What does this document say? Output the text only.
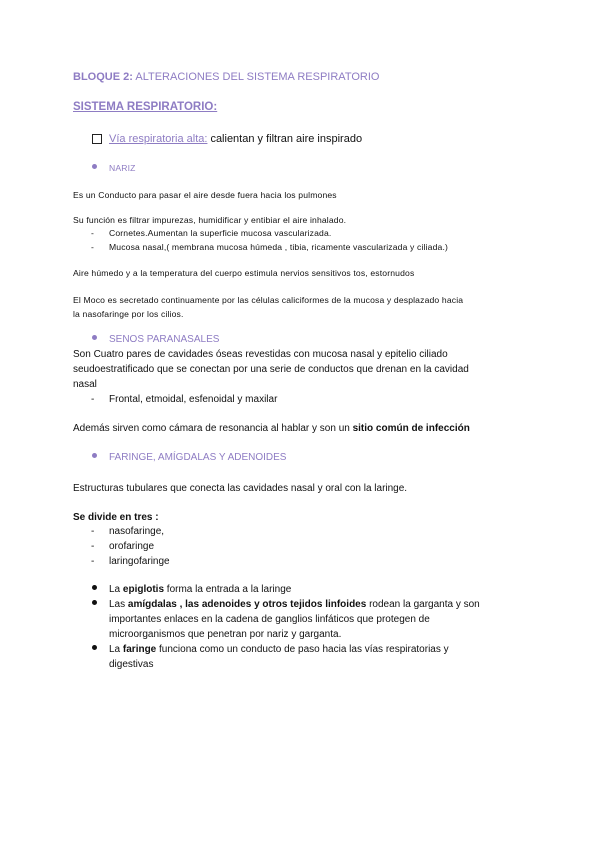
BLOQUE 2: ALTERACIONES DEL SISTEMA RESPIRATORIO
SISTEMA RESPIRATORIO:
Vía respiratoria alta: calientan y filtran aire inspirado
NARIZ
Es un Conducto para pasar el aire desde fuera hacia los pulmones
Su función es filtrar impurezas, humidificar y entibiar el aire inhalado.
- Cornetes.Aumentan la superficie mucosa vascularizada.
- Mucosa nasal,( membrana mucosa húmeda , tibia, ricamente vascularizada y ciliada.)
Aire húmedo y a la temperatura del cuerpo estimula nervios sensitivos tos, estornudos
El Moco es secretado continuamente por las células caliciformes de la mucosa y desplazado hacia
la nasofaringe por los cilios.
SENOS PARANASALES
Son Cuatro pares de cavidades óseas revestidas con mucosa nasal y epitelio ciliado
seudoestratificado que se conectan por una serie de conductos que drenan en la cavidad
nasal
- Frontal, etmoidal, esfenoidal y maxilar
Además sirven como cámara de resonancia al hablar y son un sitio común de infección
FARINGE, AMÍGDALAS Y ADENOIDES
Estructuras tubulares que conecta las cavidades nasal y oral con la laringe.
Se divide en tres :
- nasofaringe,
- orofaringe
- laringofaringe
La epiglotis forma la entrada a la laringe
Las amígdalas , las adenoides y otros tejidos linfoides rodean la garganta y son
importantes enlaces en la cadena de ganglios linfáticos que protegen de
microorganismos que penetran por nariz y garganta.
La faringe funciona como un conducto de paso hacia las vías respiratorias y
digestivas
